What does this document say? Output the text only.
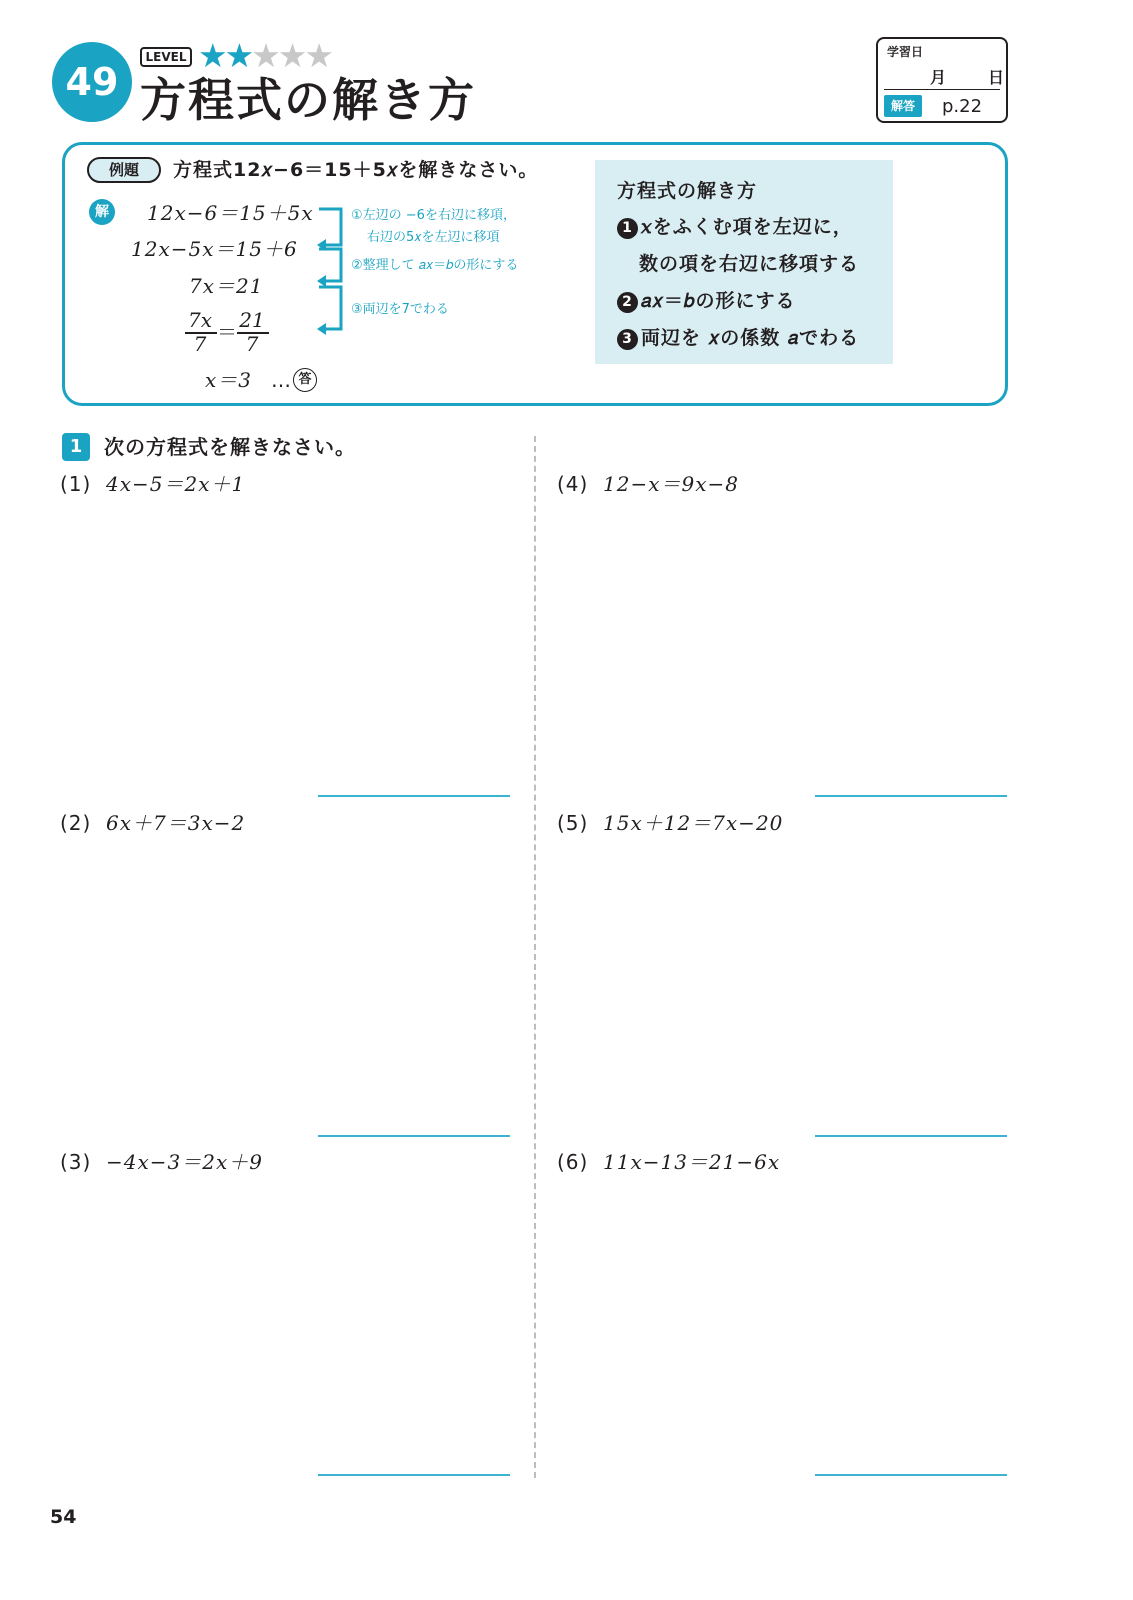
49
LEVEL ★★★★★
方程式の解き方
学習日
月	日
解答	p.22
例題	方程式12𝑥−6＝15＋5𝑥を解きなさい。
解	12𝑥−6＝15＋5𝑥
12𝑥−5𝑥＝15＋6
7𝑥＝21
7𝑥
7 ＝ 21
7
𝑥＝3 … 答
①左辺の −6を右辺に移項，
右辺の5𝑥を左辺に移項
②整理して 𝑎𝑥＝𝑏の形にする
③両辺を7でわる
方程式の解き方
1 𝑥をふくむ項を左辺に，
数の項を右辺に移項する
2 𝑎𝑥＝𝑏の形にする
3 両辺を 𝑥の係数 𝑎でわる
1	次の方程式を解きなさい。
(1) 4𝑥−5＝2𝑥＋1
(2) 6𝑥＋7＝3𝑥−2
(3) −4𝑥−3＝2𝑥＋9
(4) 12−𝑥＝9𝑥−8
(5) 15𝑥＋12＝7𝑥−20
(6) 11𝑥−13＝21−6𝑥
54
